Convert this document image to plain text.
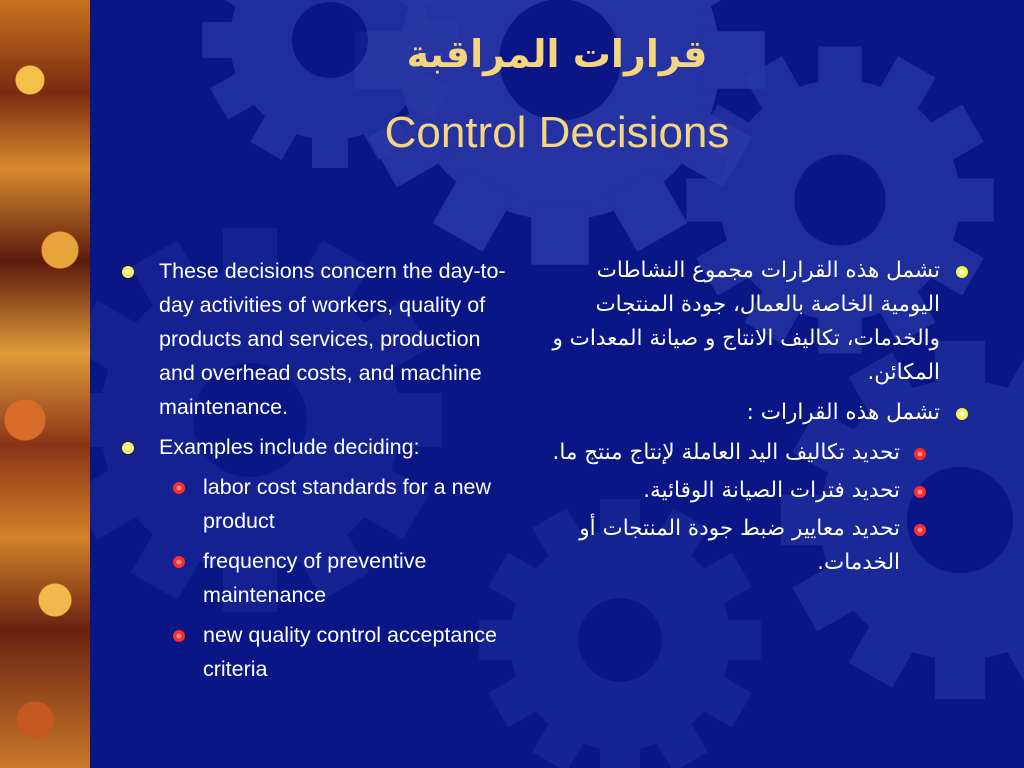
قرارات المراقبة
Control Decisions
These decisions concern the day-to-day activities of workers, quality of products and services, production and overhead costs, and machine maintenance.
Examples include deciding:
labor cost standards for a new product
frequency of preventive maintenance
new quality control acceptance criteria
تشمل هذه القرارات مجموع النشاطات اليومية الخاصة بالعمال، جودة المنتجات والخدمات، تكاليف الانتاج و صيانة المعدات و المكائن.
تشمل هذه القرارات :
تحديد تكاليف اليد العاملة لإنتاج منتج ما.
تحديد فترات الصيانة الوقائية.
تحديد معايير ضبط جودة المنتجات أو الخدمات.
